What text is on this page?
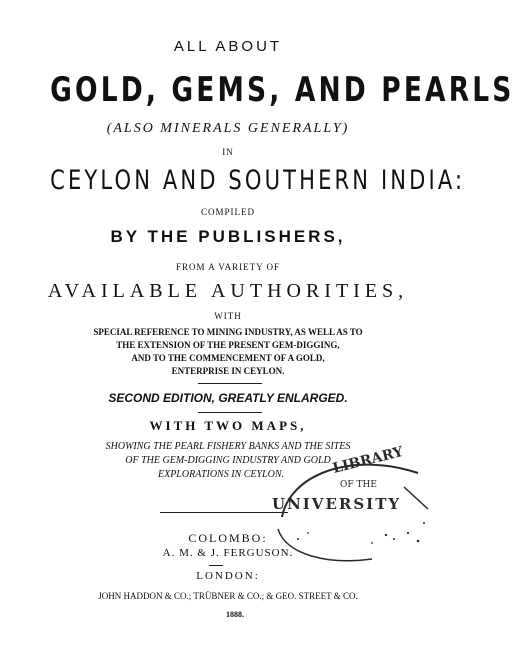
ALL ABOUT
GOLD, GEMS, AND PEARLS
(ALSO MINERALS GENERALLY)
IN
CEYLON AND SOUTHERN INDIA:
COMPILED
BY THE PUBLISHERS,
FROM A VARIETY OF
AVAILABLE AUTHORITIES,
WITH
SPECIAL REFERENCE TO MINING INDUSTRY, AS WELL AS TO
THE EXTENSION OF THE PRESENT GEM-DIGGING,
AND TO THE COMMENCEMENT OF A GOLD,
ENTERPRISE IN CEYLON.
SECOND EDITION, GREATLY ENLARGED.
WITH TWO MAPS,
SHOWING THE PEARL FISHERY BANKS AND THE SITES
OF THE GEM-DIGGING INDUSTRY AND GOLD
EXPLORATIONS IN CEYLON.
COLOMBO:
A. M. & J. FERGUSON.
LONDON:
JOHN HADDON & CO.; TRÜBNER & CO.; & GEO. STREET & CO.
1888.
LIBRARY
OF THE
UNIVERSITY
